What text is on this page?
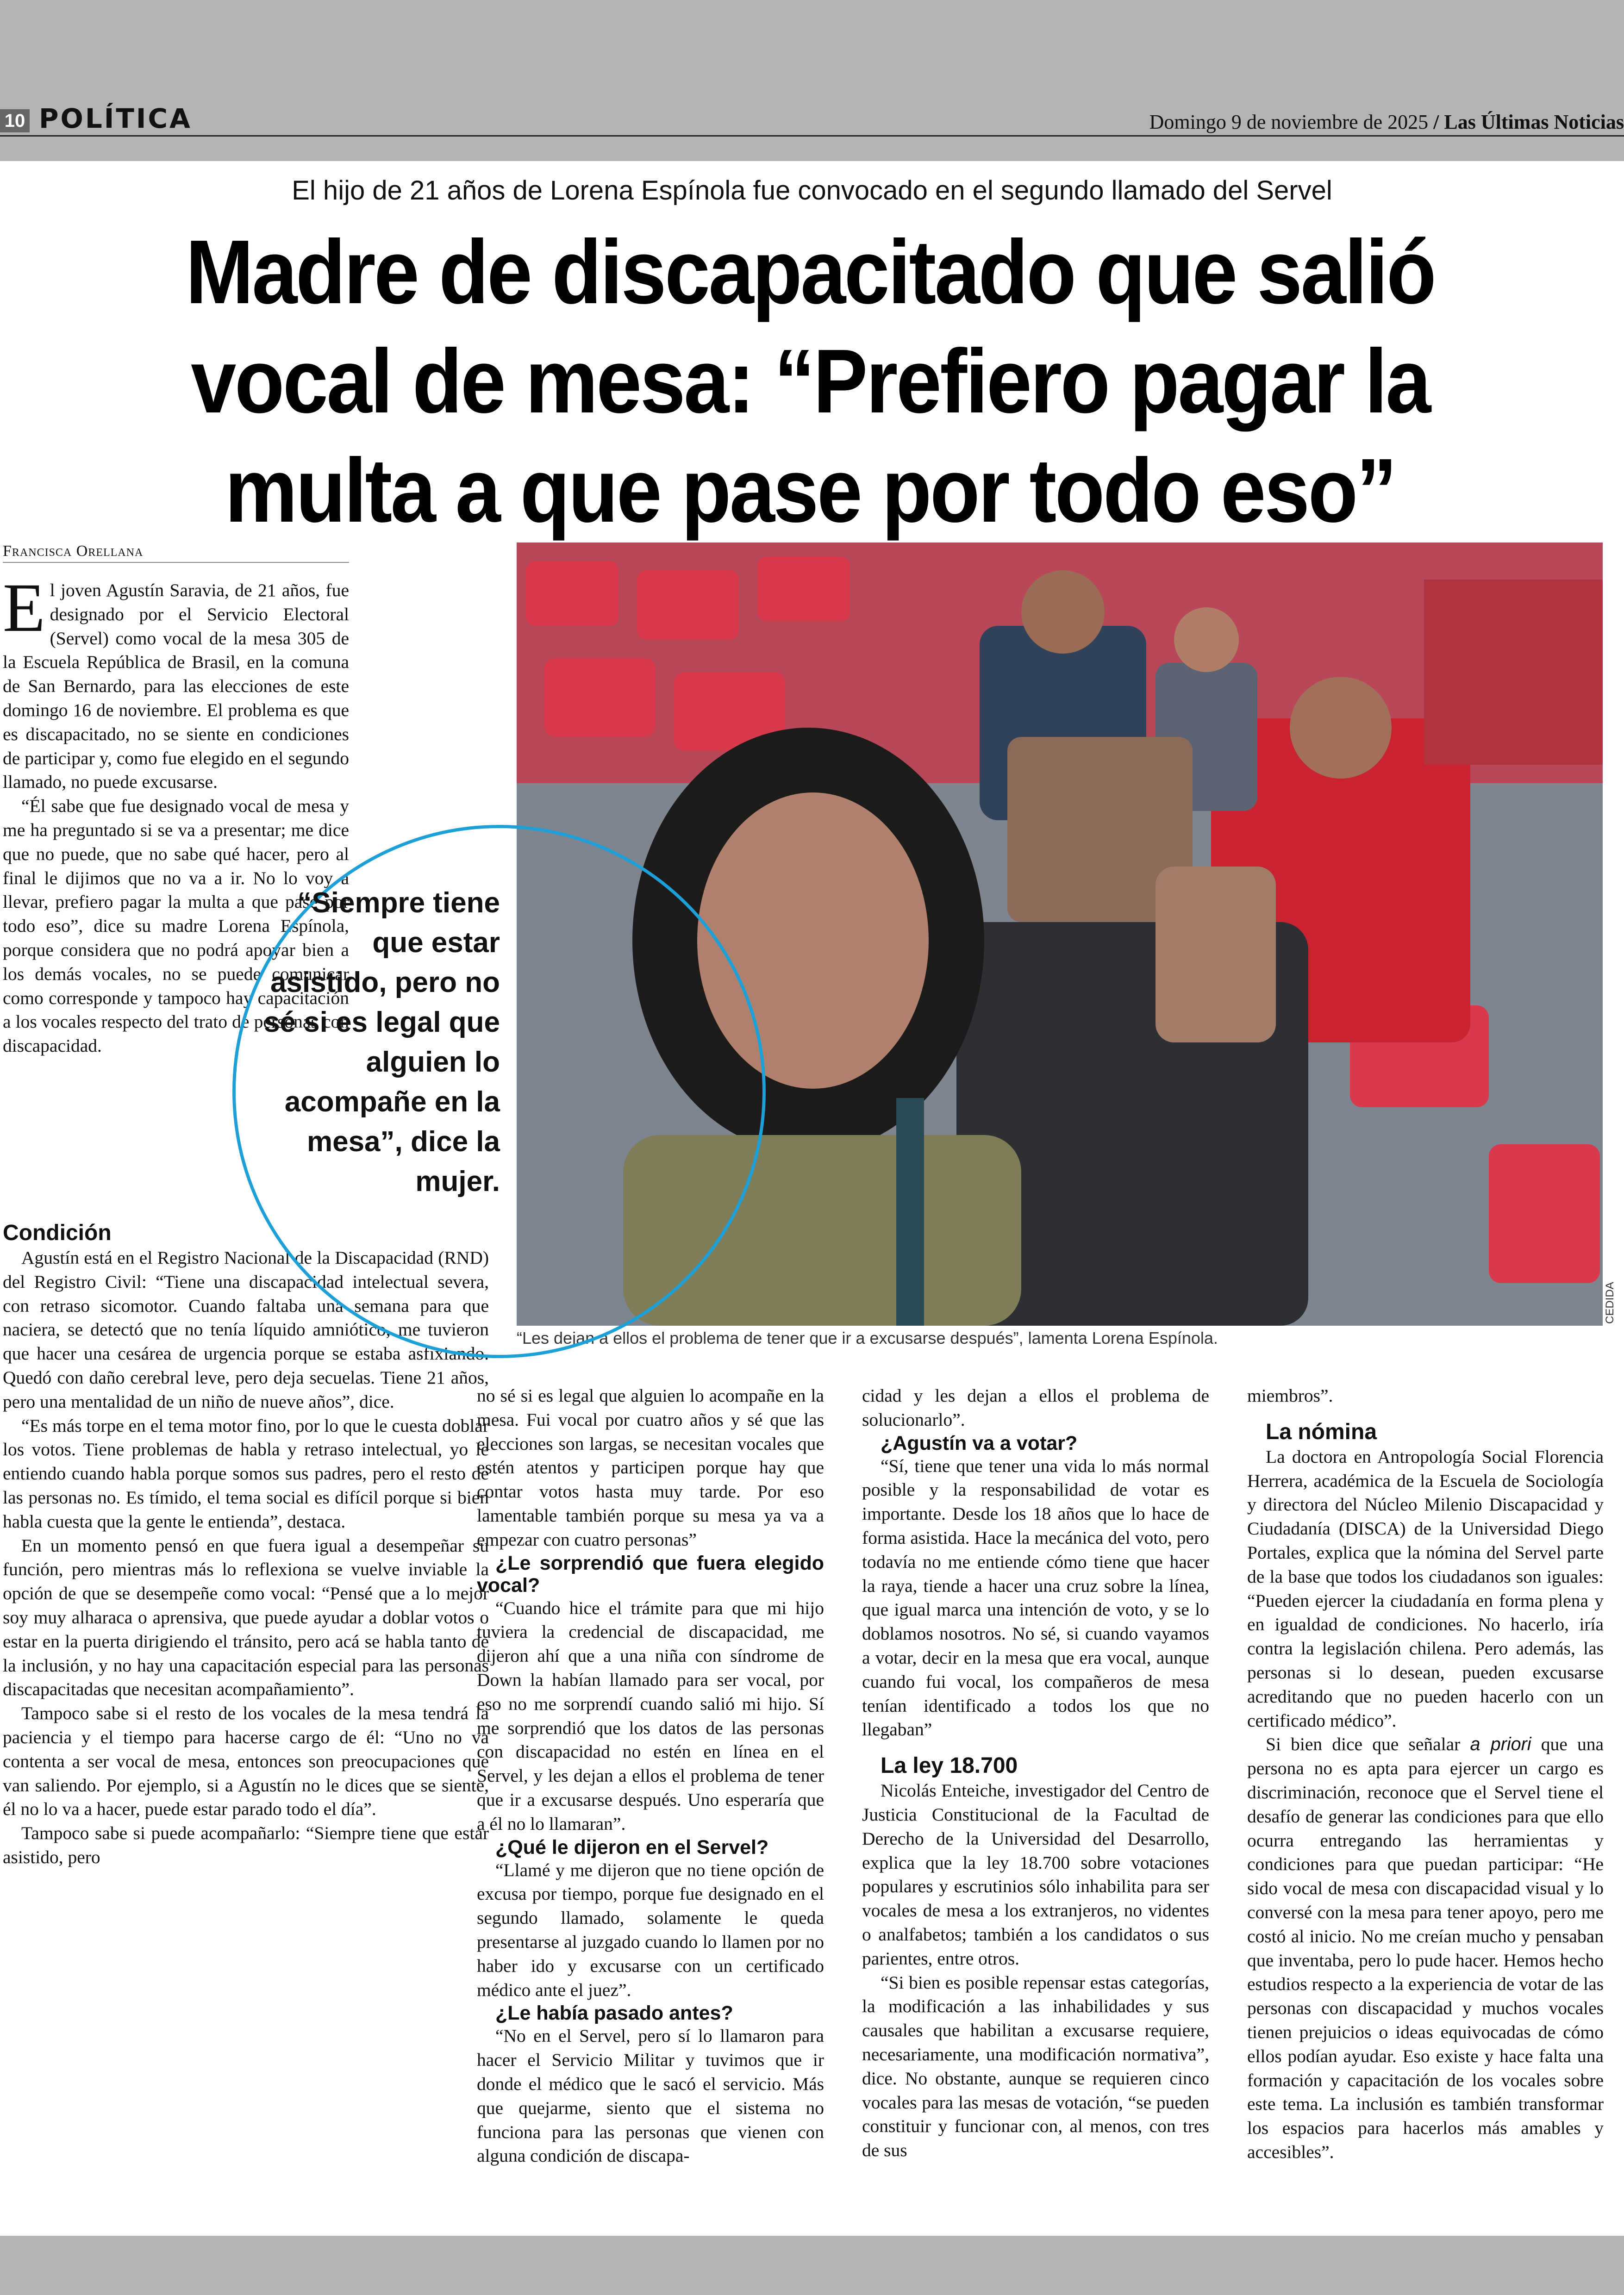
10 POLÍTICA	Domingo 9 de noviembre de 2025 / Las Últimas Noticias
El hijo de 21 años de Lorena Espínola fue convocado en el segundo llamado del Servel
Madre de discapacitado que salió
vocal de mesa: “Prefiero pagar la
multa a que pase por todo eso”
Francisca Orellana

El joven Agustín Saravia, de 21 años, fue designado por el Servicio Electoral (Servel) como vocal de la mesa 305 de la Escuela República de Brasil, en la comuna de San Bernardo, para las elecciones de este domingo 16 de noviembre. El problema es que es discapacitado, no se siente en condiciones de participar y, como fue elegido en el segundo llamado, no puede excusarse.

“Él sabe que fue designado vocal de mesa y me ha preguntado si se va a presentar; me dice que no puede, que no sabe qué hacer, pero al final le dijimos que no va a ir. No lo voy a llevar, prefiero pagar la multa a que pase por todo eso”, dice su madre Lorena Espínola, porque considera que no podrá apoyar bien a los demás vocales, no se puede comunicar como corresponde y tampoco hay capacitación a los vocales respecto del trato de personas con discapacidad.

Condición

Agustín está en el Registro Nacional de la Discapacidad (RND) del Registro Civil: “Tiene una discapacidad intelectual severa, con retraso sicomotor. Cuando faltaba una semana para que naciera, se detectó que no tenía líquido amniótico, me tuvieron que hacer una cesárea de urgencia porque se estaba asfixiando. Quedó con daño cerebral leve, pero deja secuelas. Tiene 21 años, pero una mentalidad de un niño de nueve años”, dice.

“Es más torpe en el tema motor fino, por lo que le cuesta doblar los votos. Tiene problemas de habla y retraso intelectual, yo le entiendo cuando habla porque somos sus padres, pero el resto de las personas no. Es tímido, el tema social es difícil porque si bien habla cuesta que la gente le entienda”, destaca.

En un momento pensó en que fuera igual a desempeñar su función, pero mientras más lo reflexiona se vuelve inviable la opción de que se desempeñe como vocal: “Pensé que a lo mejor soy muy alharaca o aprensiva, que puede ayudar a doblar votos o estar en la puerta dirigiendo el tránsito, pero acá se habla tanto de la inclusión, y no hay una capacitación especial para las personas discapacitadas que necesitan acompañamiento”.

Tampoco sabe si el resto de los vocales de la mesa tendrá la paciencia y el tiempo para hacerse cargo de él: “Uno no va contenta a ser vocal de mesa, entonces son preocupaciones que van saliendo. Por ejemplo, si a Agustín no le dices que se siente, él no lo va a hacer, puede estar parado todo el día”.

Tampoco sabe si puede acompañarlo: “Siempre tiene que estar asistido, pero

CEDIDA
“Les dejan a ellos el problema de tener que ir a excusarse después”, lamenta Lorena Espínola.
“Siempre tiene que estar asistido, pero no sé si es legal que alguien lo acompañe en la mesa”, dice la mujer.

no sé si es legal que alguien lo acompañe en la mesa. Fui vocal por cuatro años y sé que las elecciones son largas, se necesitan vocales que estén atentos y participen porque hay que contar votos hasta muy tarde. Por eso lamentable también porque su mesa ya va a empezar con cuatro personas”

¿Le sorprendió que fuera elegido vocal?

“Cuando hice el trámite para que mi hijo tuviera la credencial de discapacidad, me dijeron ahí que a una niña con síndrome de Down la habían llamado para ser vocal, por eso no me sorprendí cuando salió mi hijo. Sí me sorprendió que los datos de las personas con discapacidad no estén en línea en el Servel, y les dejan a ellos el problema de tener que ir a excusarse después. Uno esperaría que a él no lo llamaran”.

¿Qué le dijeron en el Servel?

“Llamé y me dijeron que no tiene opción de excusa por tiempo, porque fue designado en el segundo llamado, solamente le queda presentarse al juzgado cuando lo llamen por no haber ido y excusarse con un certificado médico ante el juez”.

¿Le había pasado antes?

“No en el Servel, pero sí lo llamaron para hacer el Servicio Militar y tuvimos que ir donde el médico que le sacó el servicio. Más que quejarme, siento que el sistema no funciona para las personas que vienen con alguna condición de discapa-

cidad y les dejan a ellos el problema de solucionarlo”.

¿Agustín va a votar?

“Sí, tiene que tener una vida lo más normal posible y la responsabilidad de votar es importante. Desde los 18 años que lo hace de forma asistida. Hace la mecánica del voto, pero todavía no me entiende cómo tiene que hacer la raya, tiende a hacer una cruz sobre la línea, que igual marca una intención de voto, y se lo doblamos nosotros. No sé, si cuando vayamos a votar, decir en la mesa que era vocal, aunque cuando fui vocal, los compañeros de mesa tenían identificado a todos los que no llegaban”

La ley 18.700

Nicolás Enteiche, investigador del Centro de Justicia Constitucional de la Facultad de Derecho de la Universidad del Desarrollo, explica que la ley 18.700 sobre votaciones populares y escrutinios sólo inhabilita para ser vocales de mesa a los extranjeros, no videntes o analfabetos; también a los candidatos o sus parientes, entre otros.

“Si bien es posible repensar estas categorías, la modificación a las inhabilidades y sus causales que habilitan a excusarse requiere, necesariamente, una modificación normativa”, dice. No obstante, aunque se requieren cinco vocales para las mesas de votación, “se pueden constituir y funcionar con, al menos, con tres de sus

miembros”.

La nómina

La doctora en Antropología Social Florencia Herrera, académica de la Escuela de Sociología y directora del Núcleo Milenio Discapacidad y Ciudadanía (DISCA) de la Universidad Diego Portales, explica que la nómina del Servel parte de la base que todos los ciudadanos son iguales: “Pueden ejercer la ciudadanía en forma plena y en igualdad de condiciones. No hacerlo, iría contra la legislación chilena. Pero además, las personas si lo desean, pueden excusarse acreditando que no pueden hacerlo con un certificado médico”.

Si bien dice que señalar a priori que una persona no es apta para ejercer un cargo es discriminación, reconoce que el Servel tiene el desafío de generar las condiciones para que ello ocurra entregando las herramientas y condiciones para que puedan participar: “He sido vocal de mesa con discapacidad visual y lo conversé con la mesa para tener apoyo, pero me costó al inicio. No me creían mucho y pensaban que inventaba, pero lo pude hacer. Hemos hecho estudios respecto a la experiencia de votar de las personas con discapacidad y muchos vocales tienen prejuicios o ideas equivocadas de cómo ellos podían ayudar. Eso existe y hace falta una formación y capacitación de los vocales sobre este tema. La inclusión es también transformar los espacios para hacerlos más amables y accesibles”.
